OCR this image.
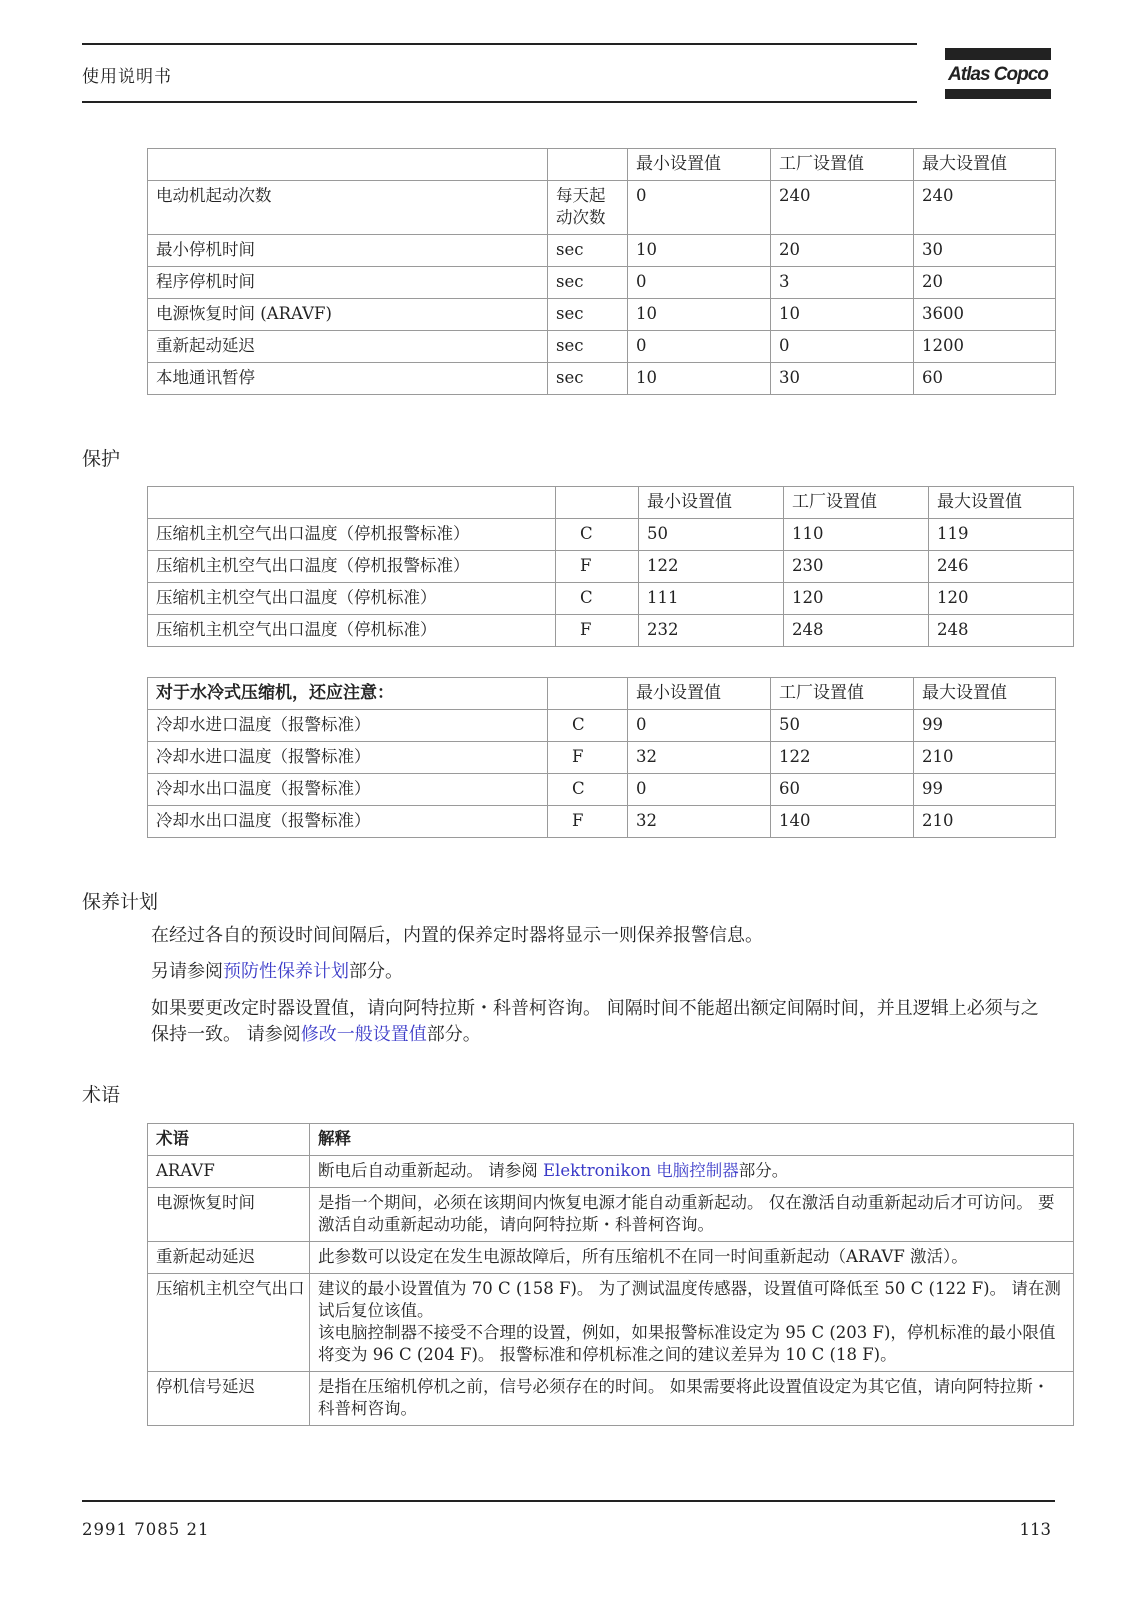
使用说明书	Atlas Copco
		最小设置值	工厂设置值	最大设置值
电动机起动次数	每天起动次数	0	240	240
最小停机时间	sec	10	20	30
程序停机时间	sec	0	3	20
电源恢复时间 (ARAVF)	sec	10	10	3600
重新起动延迟	sec	0	0	1200
本地通讯暂停	sec	10	30	60
保护
		最小设置值	工厂设置值	最大设置值
压缩机主机空气出口温度（停机报警标准）	C	50	110	119
压缩机主机空气出口温度（停机报警标准）	F	122	230	246
压缩机主机空气出口温度（停机标准）	C	111	120	120
压缩机主机空气出口温度（停机标准）	F	232	248	248
对于水冷式压缩机，还应注意：		最小设置值	工厂设置值	最大设置值
冷却水进口温度（报警标准）	C	0	50	99
冷却水进口温度（报警标准）	F	32	122	210
冷却水出口温度（报警标准）	C	0	60	99
冷却水出口温度（报警标准）	F	32	140	210
保养计划
在经过各自的预设时间间隔后，内置的保养定时器将显示一则保养报警信息。
另请参阅预防性保养计划部分。
如果要更改定时器设置值，请向阿特拉斯・科普柯咨询。 间隔时间不能超出额定间隔时间，并且逻辑上必须与之保持一致。 请参阅修改一般设置值部分。
术语
术语	解释
ARAVF	断电后自动重新起动。 请参阅 Elektronikon 电脑控制器部分。
电源恢复时间	是指一个期间，必须在该期间内恢复电源才能自动重新起动。 仅在激活自动重新起动后才可访问。 要激活自动重新起动功能，请向阿特拉斯・科普柯咨询。
重新起动延迟	此参数可以设定在发生电源故障后，所有压缩机不在同一时间重新起动（ARAVF 激活）。
压缩机主机空气出口	建议的最小设置值为 70 C (158 F)。 为了测试温度传感器，设置值可降低至 50 C (122 F)。 请在测试后复位该值。
该电脑控制器不接受不合理的设置，例如，如果报警标准设定为 95 C (203 F)，停机标准的最小限值将变为 96 C (204 F)。 报警标准和停机标准之间的建议差异为 10 C (18 F)。

停机信号延迟	是指在压缩机停机之前，信号必须存在的时间。 如果需要将此设置值设定为其它值，请向阿特拉斯・科普柯咨询。
2991 7085 21	113
